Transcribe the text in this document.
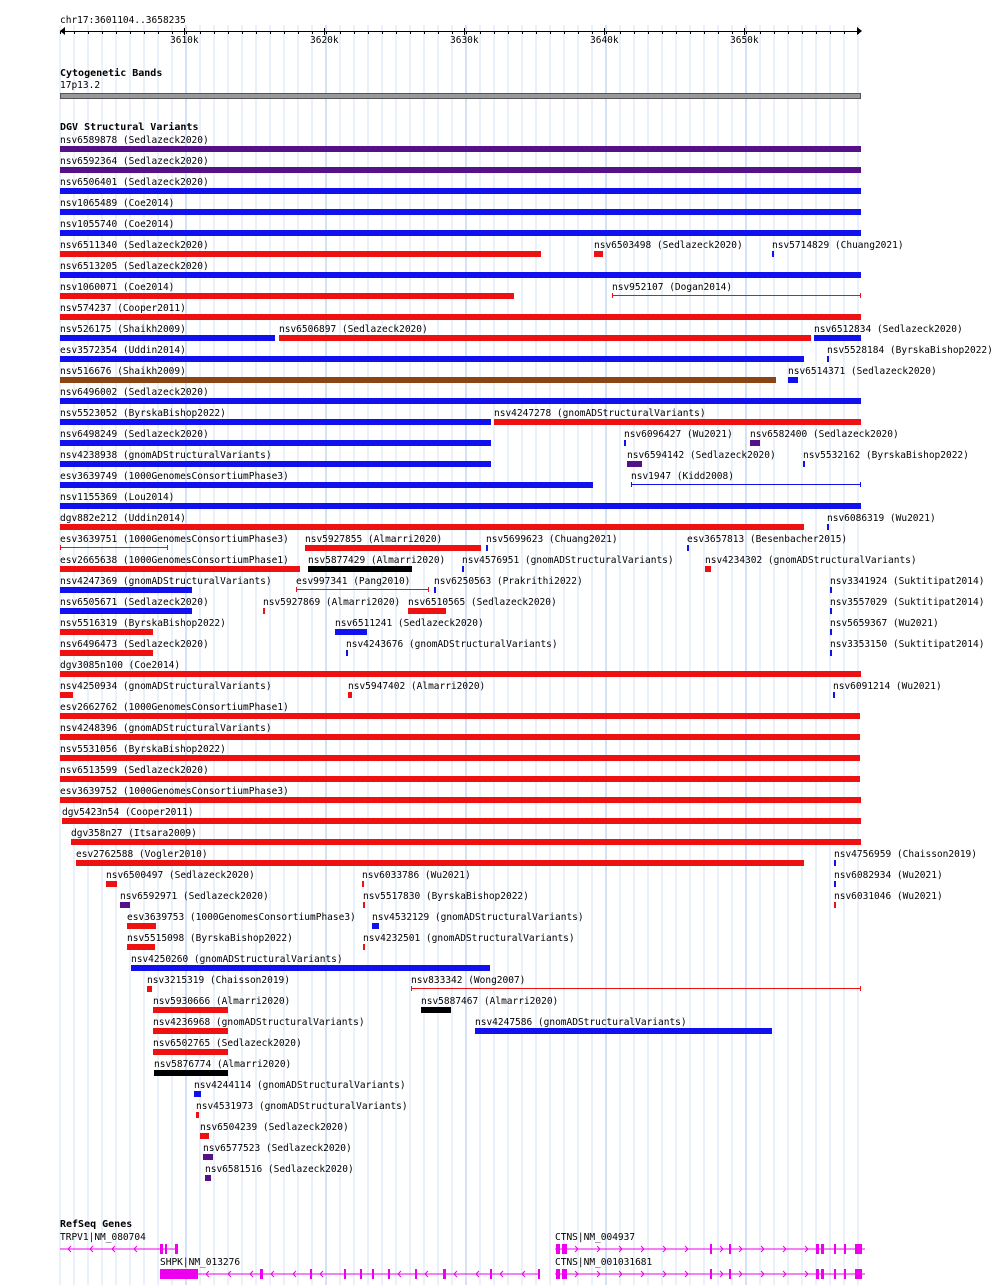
chr17:3601104..3658235
3610k	3620k	3630k	3640k	3650k
Cytogenetic Bands
17p13.2
DGV Structural Variants
nsv6589878 (Sedlazeck2020)
nsv6592364 (Sedlazeck2020)
nsv6506401 (Sedlazeck2020)
nsv1065489 (Coe2014)
nsv1055740 (Coe2014)
nsv6511340 (Sedlazeck2020)	nsv6503498 (Sedlazeck2020)	nsv5714829 (Chuang2021)
nsv6513205 (Sedlazeck2020)
nsv1060071 (Coe2014)	nsv952107 (Dogan2014)
nsv574237 (Cooper2011)
nsv526175 (Shaikh2009)	nsv6506897 (Sedlazeck2020)	nsv6512834 (Sedlazeck2020)
esv3572354 (Uddin2014)	nsv5528184 (ByrskaBishop2022)
nsv516676 (Shaikh2009)	nsv6514371 (Sedlazeck2020)
nsv6496002 (Sedlazeck2020)
nsv5523052 (ByrskaBishop2022)	nsv4247278 (gnomADStructuralVariants)
nsv6498249 (Sedlazeck2020)	nsv6096427 (Wu2021) nsv6582400 (Sedlazeck2020)
nsv4238938 (gnomADStructuralVariants)	nsv6594142 (Sedlazeck2020)	nsv5532162 (ByrskaBishop2022)
esv3639749 (1000GenomesConsortiumPhase3)	nsv1947 (Kidd2008)
nsv1155369 (Lou2014)
dgv882e212 (Uddin2014)	nsv6086319 (Wu2021)
esv3639751 (1000GenomesConsortiumPhase3) nsv5927855 (Almarri2020)	nsv5699623 (Chuang2021)	esv3657813 (Besenbacher2015)
esv2665638 (1000GenomesConsortiumPhase1) nsv5877429 (Almarri2020) nsv4576951 (gnomADStructuralVariants)	nsv4234302 (gnomADStructuralVariants)
nsv4247369 (gnomADStructuralVariants)	esv997341 (Pang2010) nsv6250563 (Prakrithi2022)	nsv3341924 (Suktitipat2014)
nsv6505671 (Sedlazeck2020)	nsv5927869 (Almarri2020) nsv6510565 (Sedlazeck2020)	nsv3557029 (Suktitipat2014)
nsv5516319 (ByrskaBishop2022)	nsv6511241 (Sedlazeck2020)	nsv5659367 (Wu2021)
nsv6496473 (Sedlazeck2020)	nsv4243676 (gnomADStructuralVariants)	nsv3353150 (Suktitipat2014)
dgv3085n100 (Coe2014)
nsv4250934 (gnomADStructuralVariants)	nsv5947402 (Almarri2020)	nsv6091214 (Wu2021)
esv2662762 (1000GenomesConsortiumPhase1)
nsv4248396 (gnomADStructuralVariants)
nsv5531056 (ByrskaBishop2022)
nsv6513599 (Sedlazeck2020)
esv3639752 (1000GenomesConsortiumPhase3)
dgv5423n54 (Cooper2011)
dgv358n27 (Itsara2009)
esv2762588 (Vogler2010)	nsv4756959 (Chaisson2019)
nsv6500497 (Sedlazeck2020)	nsv6033786 (Wu2021)	nsv6082934 (Wu2021)
nsv6592971 (Sedlazeck2020)	nsv5517830 (ByrskaBishop2022)	nsv6031046 (Wu2021)
esv3639753 (1000GenomesConsortiumPhase3) nsv4532129 (gnomADStructuralVariants)
nsv5515098 (ByrskaBishop2022)	nsv4232501 (gnomADStructuralVariants)
nsv4250260 (gnomADStructuralVariants)
nsv3215319 (Chaisson2019)	nsv833342 (Wong2007)
nsv5930666 (Almarri2020)	nsv5887467 (Almarri2020)
nsv4236968 (gnomADStructuralVariants)	nsv4247586 (gnomADStructuralVariants)
nsv6502765 (Sedlazeck2020)
nsv5876774 (Almarri2020)
nsv4244114 (gnomADStructuralVariants)
nsv4531973 (gnomADStructuralVariants)
nsv6504239 (Sedlazeck2020)
nsv6577523 (Sedlazeck2020)
nsv6581516 (Sedlazeck2020)
RefSeq Genes
TRPV1|NM_080704	CTNS|NM_004937
SHPK|NM_013276	CTNS|NM_001031681
